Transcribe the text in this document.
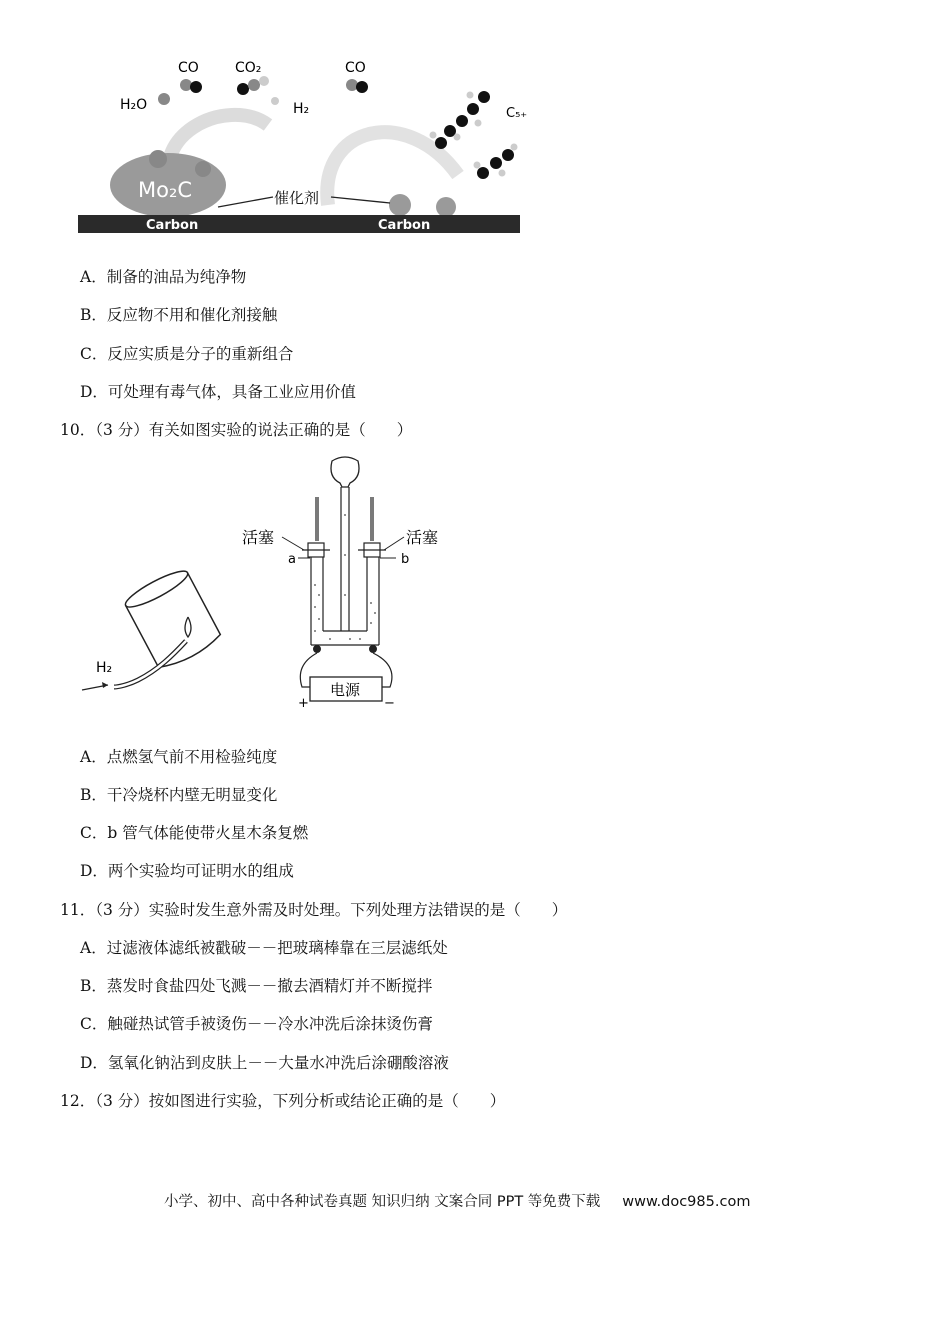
Mo₂C
Carbon	Carbon
催化剂
CO	CO₂	CO
H₂O	H₂	C₅₊
A．制备的油品为纯净物
B．反应物不用和催化剂接触
C．反应实质是分子的重新组合
D．可处理有毒气体，具备工业应用价值
10．（3 分）有关如图实验的说法正确的是（　　）
H₂
电源
+	−
活塞	活塞
a	b
A．点燃氢气前不用检验纯度
B．干冷烧杯内壁无明显变化
C．b 管气体能使带火星木条复燃
D．两个实验均可证明水的组成
11．（3 分）实验时发生意外需及时处理。下列处理方法错误的是（　　）
A．过滤液体滤纸被戳破－－把玻璃棒靠在三层滤纸处
B．蒸发时食盐四处飞溅－－撤去酒精灯并不断搅拌
C．触碰热试管手被烫伤－－冷水冲洗后涂抹烫伤膏
D．氢氧化钠沾到皮肤上－－大量水冲洗后涂硼酸溶液
12．（3 分）按如图进行实验，下列分析或结论正确的是（　　）
小学、初中、高中各种试卷真题 知识归纳 文案合同 PPT 等免费下载 www.doc985.com
